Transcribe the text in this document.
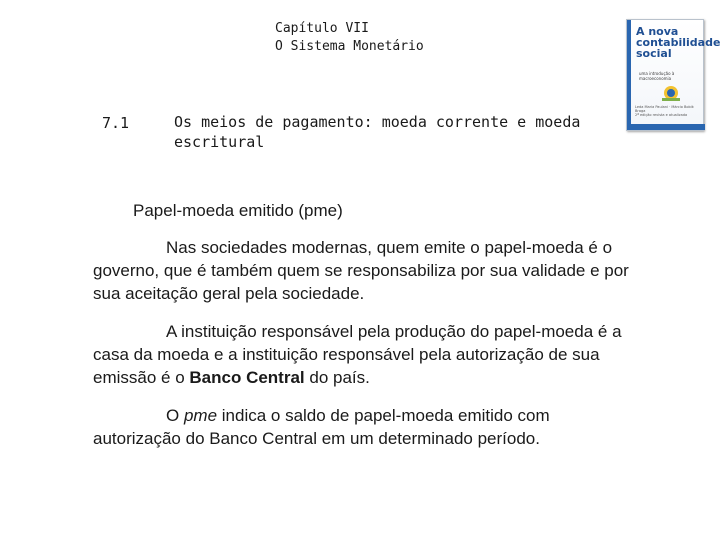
Capítulo VII
O Sistema Monetário
A nova contabilidade social
uma introdução à macroeconomia
Leda Maria Paulani · Márcio Bobik Braga
2ª edição revista e atualizada
7.1	Os meios de pagamento: moeda corrente e moeda escritural
Papel-moeda emitido (pme)

Nas sociedades modernas, quem emite o papel-moeda é o governo, que é também quem se responsabiliza por sua validade e por sua aceitação geral pela sociedade.

A instituição responsável pela produção do papel-moeda é a casa da moeda e a instituição responsável pela autorização de sua emissão é o Banco Central do país.

O pme indica o saldo de papel-moeda emitido com autorização do Banco Central em um determinado período.
